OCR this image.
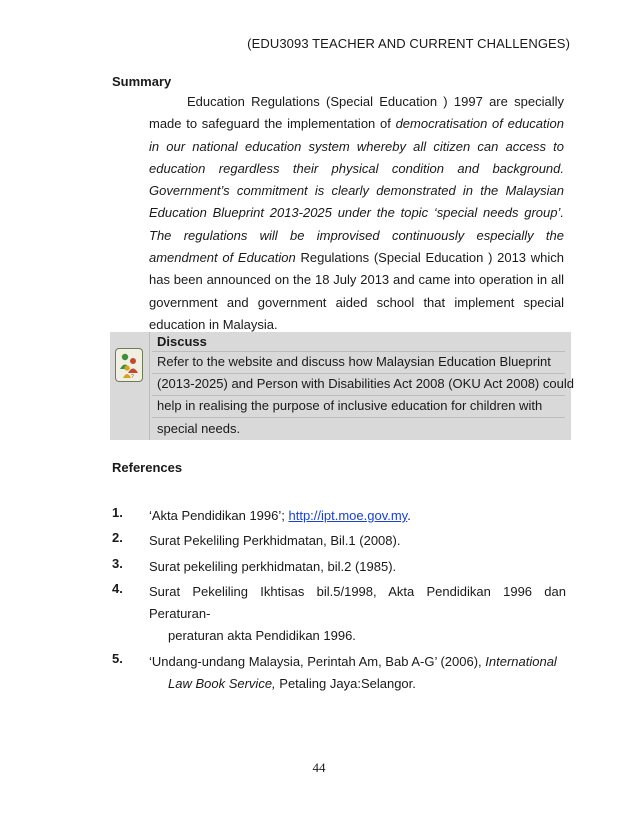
(EDU3093 TEACHER AND CURRENT CHALLENGES)
Summary
Education Regulations (Special Education ) 1997 are specially made to safeguard the implementation of democratisation of education in our national education system whereby all citizen can access to education regardless their physical condition and background. Government’s commitment is clearly demonstrated in the Malaysian Education Blueprint 2013-2025 under the topic ‘special needs group’. The regulations will be improvised continuously especially the amendment of Education Regulations (Special Education ) 2013 which has been announced on the 18 July 2013 and came into operation in all government and government aided school that implement special education in Malaysia.
?
Discuss
Refer to the website and discuss how Malaysian Education Blueprint
(2013-2025) and Person with Disabilities Act 2008 (OKU Act 2008) could
help in realising the purpose of inclusive education for children with
special needs.
References
1. ‘Akta Pendidikan 1996’; http://ipt.moe.gov.my.
2. Surat Pekeliling Perkhidmatan, Bil.1 (2008).
3. Surat pekeliling perkhidmatan, bil.2 (1985).
4. Surat Pekeliling Ikhtisas bil.5/1998, Akta Pendidikan 1996 dan Peraturan-
peraturan akta Pendidikan 1996.
5. ‘Undang-undang Malaysia, Perintah Am, Bab A-G’ (2006), International
Law Book Service, Petaling Jaya:Selangor.
44
